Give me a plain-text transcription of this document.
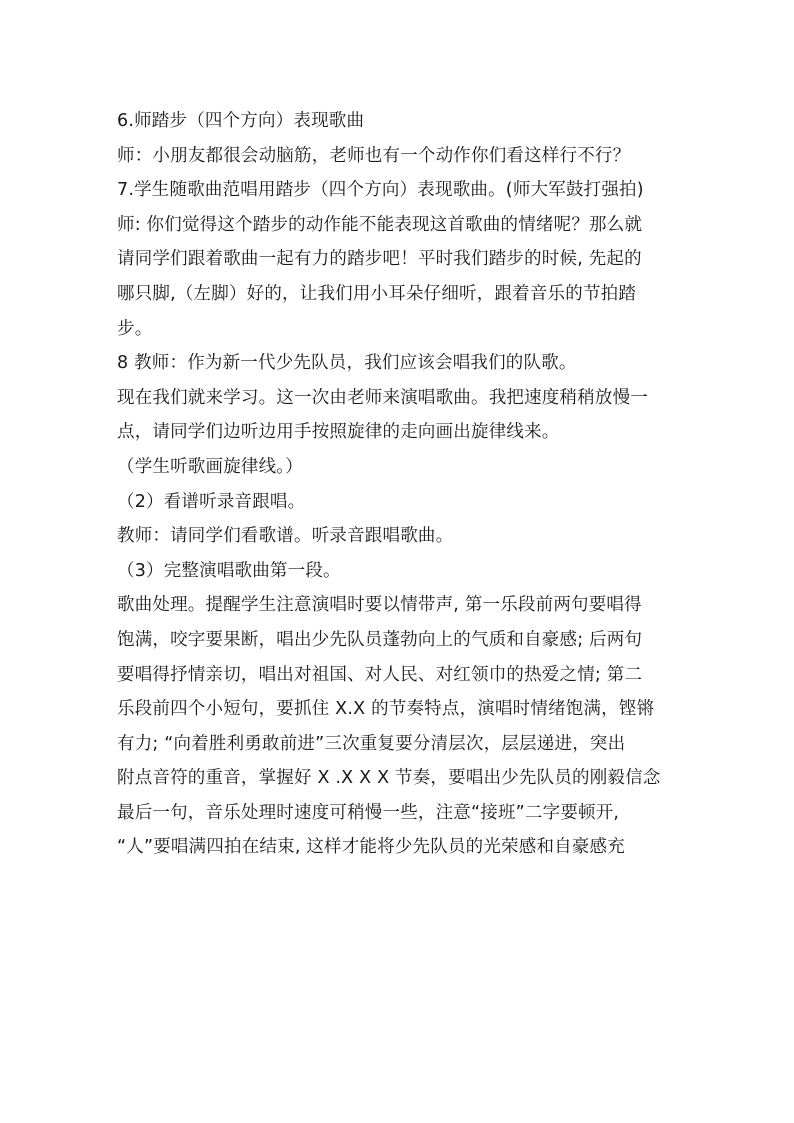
6.师踏步（四个方向）表现歌曲

师：小朋友都很会动脑筋，老师也有一个动作你们看这样行不行？

7.学生随歌曲范唱用踏步（四个方向）表现歌曲。(师大军鼓打强拍)

师: 你们觉得这个踏步的动作能不能表现这首歌曲的情绪呢？那么就

请同学们跟着歌曲一起有力的踏步吧！平时我们踏步的时候, 先起的

哪只脚,（左脚）好的，让我们用小耳朵仔细听，跟着音乐的节拍踏

步。

8 教师：作为新一代少先队员，我们应该会唱我们的队歌。

现在我们就来学习。这一次由老师来演唱歌曲。我把速度稍稍放慢一

点，请同学们边听边用手按照旋律的走向画出旋律线来。

（学生听歌画旋律线。）

（2）看谱听录音跟唱。

教师：请同学们看歌谱。听录音跟唱歌曲。

（3）完整演唱歌曲第一段。

歌曲处理。提醒学生注意演唱时要以情带声, 第一乐段前两句要唱得

饱满，咬字要果断，唱出少先队员蓬勃向上的气质和自豪感; 后两句

要唱得抒情亲切，唱出对祖国、对人民、对红领巾的热爱之情; 第二

乐段前四个小短句，要抓住 X.X 的节奏特点，演唱时情绪饱满，铿锵

有力; “向着胜利勇敢前进”三次重复要分清层次，层层递进，突出

附点音符的重音，掌握好 X .X X X 节奏，要唱出少先队员的刚毅信念

最后一句，音乐处理时速度可稍慢一些，注意“接班”二字要顿开,

“人”要唱满四拍在结束, 这样才能将少先队员的光荣感和自豪感充
